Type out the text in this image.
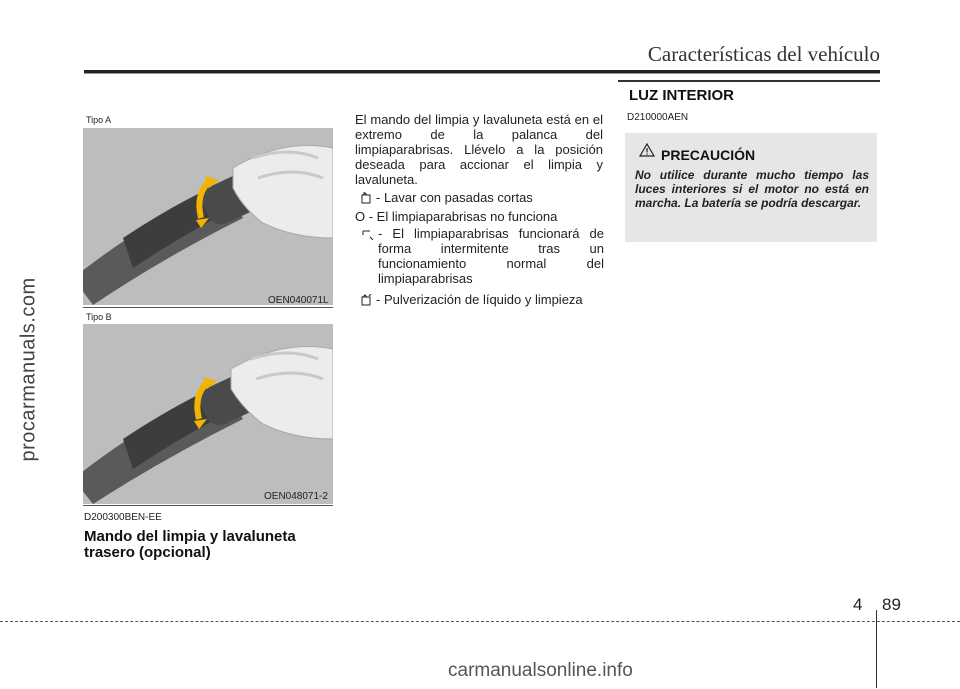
Características del vehículo
procarmanuals.com
Tipo A
OEN040071L
Tipo B
OEN048071-2
D200300BEN-EE
Mando del limpia y lavaluneta
trasero (opcional)
El mando del limpia y lavaluneta está en el extremo de la palanca del limpiaparabrisas. Llévelo a la posición deseada para accionar el limpia y lavaluneta.
- Lavar con pasadas cortas
O - El limpiaparabrisas no funciona
- El limpiaparabrisas funcionará de forma intermitente tras un funcionamiento normal del limpiaparabrisas
- Pulverización de líquido y limpieza
LUZ INTERIOR
D210000AEN
PRECAUCIÓN
No utilice durante mucho tiempo las luces interiores si el motor no está en marcha. La batería se podría descargar.
4 89
carmanualsonline.info
